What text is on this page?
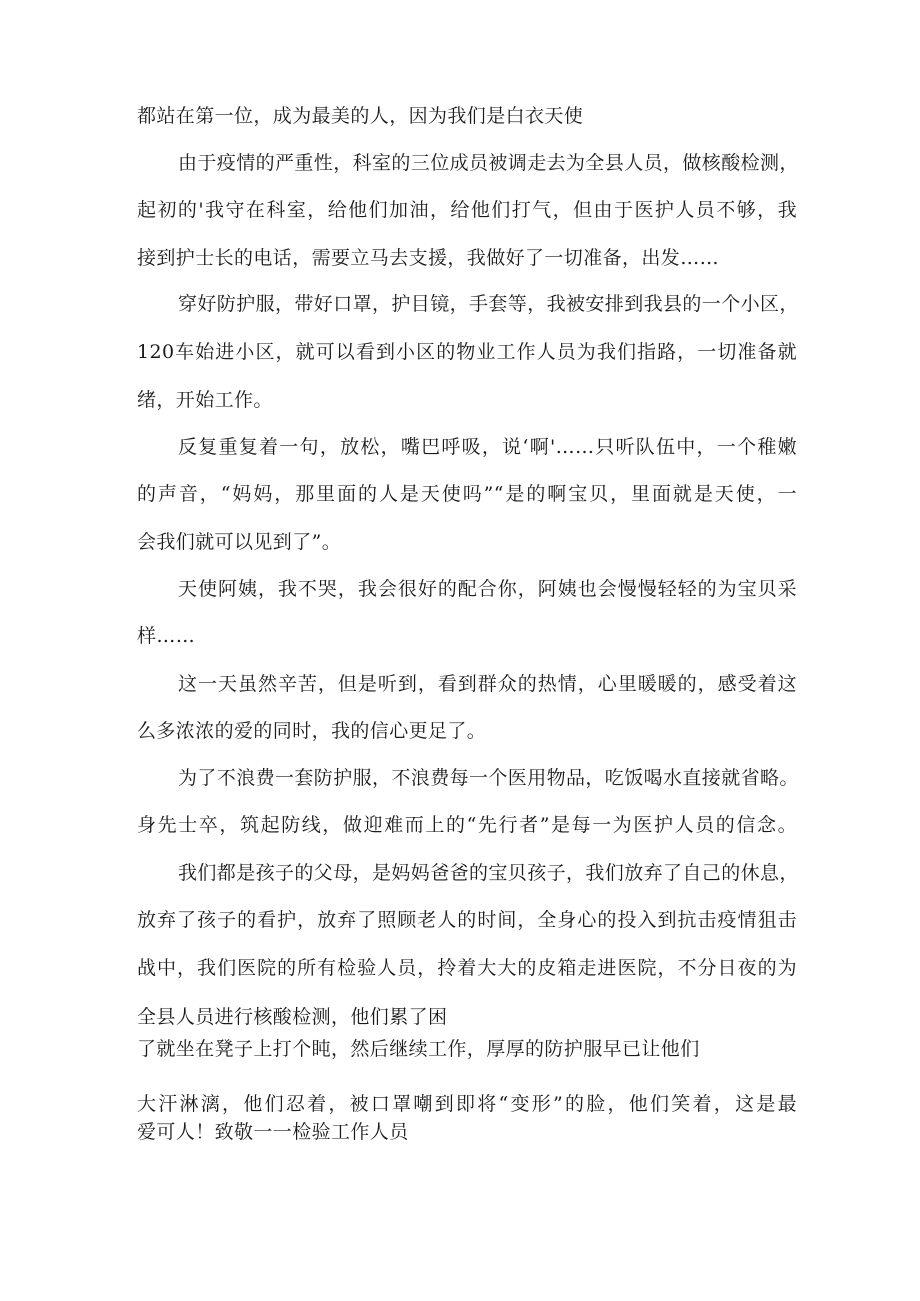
都站在第一位，成为最美的人，因为我们是白衣天使
由于疫情的严重性，科室的三位成员被调走去为全县人员，做核酸检测，
起初的'我守在科室，给他们加油，给他们打气，但由于医护人员不够，我
接到护士长的电话，需要立马去支援，我做好了一切准备，出发……
穿好防护服，带好口罩，护目镜，手套等，我被安排到我县的一个小区，
120车始进小区，就可以看到小区的物业工作人员为我们指路，一切准备就
绪，开始工作。
反复重复着一句，放松，嘴巴呼吸，说‘啊'……只听队伍中，一个稚嫩
的声音，“妈妈，那里面的人是天使吗”“是的啊宝贝，里面就是天使，一
会我们就可以见到了”。
天使阿姨，我不哭，我会很好的配合你，阿姨也会慢慢轻轻的为宝贝采
样……
这一天虽然辛苦，但是听到，看到群众的热情，心里暖暖的，感受着这
么多浓浓的爱的同时，我的信心更足了。
为了不浪费一套防护服，不浪费每一个医用物品，吃饭喝水直接就省略。
身先士卒，筑起防线，做迎难而上的“先行者”是每一为医护人员的信念。
我们都是孩子的父母，是妈妈爸爸的宝贝孩子，我们放弃了自己的休息，
放弃了孩子的看护，放弃了照顾老人的时间，全身心的投入到抗击疫情狙击
战中，我们医院的所有检验人员，拎着大大的皮箱走进医院，不分日夜的为
全县人员进行核酸检测，他们累了困
了就坐在凳子上打个盹，然后继续工作，厚厚的防护服早已让他们
大汗淋漓，他们忍着，被口罩嘲到即将“变形”的脸，他们笑着，这是最
爱可人！致敬一一检验工作人员
